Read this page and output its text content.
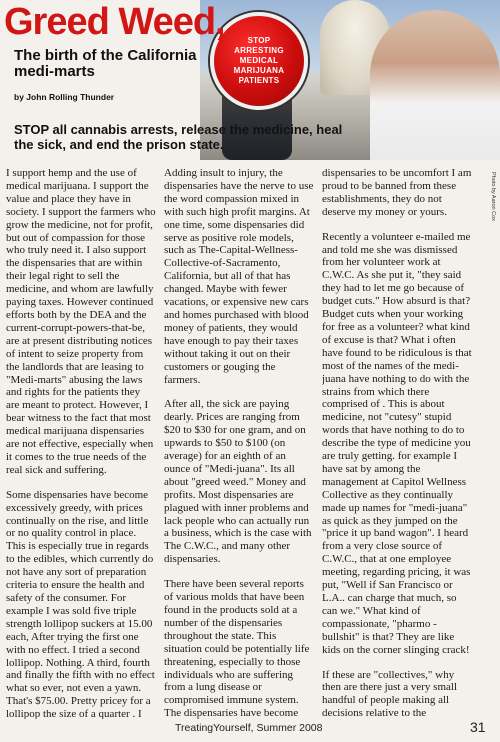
STOP ARRESTING MEDICAL MARIJUANA PATIENTS
Photo by Aaron Cox
Greed Weed,
The birth of the California medi-marts
by John Rolling Thunder

STOP all cannabis arrests, release the medicine, heal the sick, and end the prison state.

I support hemp and the use of medical marijuana. I support the value and place they have in society. I support the farmers who grow the medicine, not for profit, but out of compassion for those who truly need it. I also support the dispensaries that are within their legal right to sell the medicine, and whom are lawfully paying taxes. However continued efforts both by the DEA and the current-corrupt-powers-that-be, are at present distributing notices of intent to seize property from the landlords that are leasing to "Medi-marts" abusing the laws and rights for the patients they are meant to protect. However, I bear witness to the fact that most medical marijuana dispensaries are not effective, especially when it comes to the true needs of the real sick and suffering.

Some dispensaries have become excessively greedy, with prices continually on the rise, and little or no quality control in place. This is especially true in regards to the edibles, which currently do not have any sort of preparation criteria to ensure the health and safety of the consumer. For example I was sold five triple strength lollipop suckers at 15.00 each, After trying the first one with no effect. I tried a second lollipop. Nothing. A third, fourth and finally the fifth with no effect what so ever, not even a yawn. That's $75.00. Pretty pricey for a lollipop the size of a quarter . I

Adding insult to injury, the dispensaries have the nerve to use the word compassion mixed in with such high profit margins. At one time, some dispensaries did serve as positive role models, such as The-Capital-Wellness-Collective-of-Sacramento, California, but all of that has changed. Maybe with fewer vacations, or expensive new cars and homes purchased with blood money of patients, they would have enough to pay their taxes without taking it out on their customers or gouging the farmers.

After all, the sick are paying dearly. Prices are ranging from $20 to $30 for one gram, and on upwards to $50 to $100 (on average) for an eighth of an ounce of "Medi-juana". Its all about "greed weed." Money and profits. Most dispensaries are plagued with inner problems and lack people who can actually run a business, which is the case with The C.W.C., and many other dispensaries.

There have been several reports of various molds that have been found in the products sold at a number of the dispensaries throughout the state. This situation could be potentially life threatening, especially to those individuals who are suffering from a lung disease or compromised immune system. The dispensaries have become

dispensaries to be uncomfort I am proud to be banned from these establishments, they do not deserve my money or yours.

Recently a volunteer e-mailed me and told me she was dismissed from her volunteer work at C.W.C. As she put it, "they said they had to let me go because of budget cuts." How absurd is that? Budget cuts when your working for free as a volunteer? what kind of excuse is that? What i often have found to be ridiculous is that most of the names of the medi-juana have nothing to do with the strains from which there comprised of . This is about medicine, not "cutesy" stupid words that have nothing to do to describe the type of medicine you are truly getting. for example I have sat by among the management at Capitol Wellness Collective as they continually made up names for "medi-juana" as quick as they jumped on the "price it up band wagon". I heard from a very close source of C.W.C., that at one employee meeting, regarding pricing, it was put, "Well if San Francisco or L.A.. can charge that much, so can we." What kind of compassionate, "pharmo - bullshit" is that? They are like kids on the corner slinging crack!

If these are "collectives," why then are there just a very small handful of people making all decisions relative to the

TreatingYourself, Summer 2008	31
